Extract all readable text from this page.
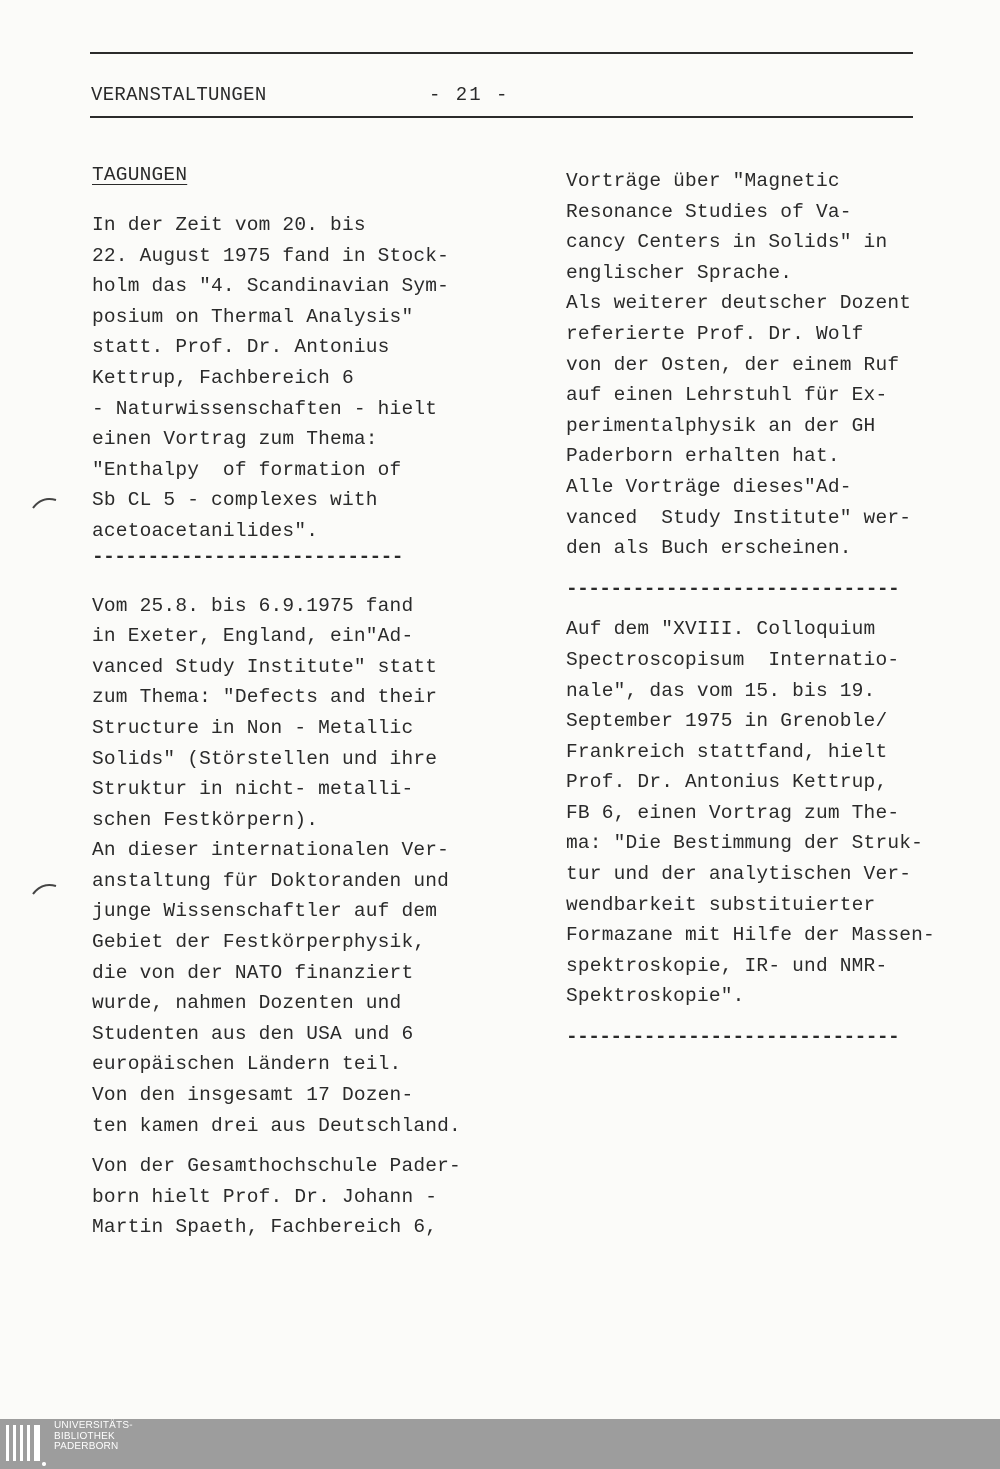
VERANSTALTUNGEN	- 21 -
TAGUNGEN
In der Zeit vom 20. bis
22. August 1975 fand in Stock-
holm das "4. Scandinavian Sym-
posium on Thermal Analysis"
statt. Prof. Dr. Antonius
Kettrup, Fachbereich 6
- Naturwissenschaften - hielt
einen Vortrag zum Thema:
"Enthalpy  of formation of
Sb CL 5 - complexes with
acetoacetanilides".
----------------------------
Vom 25.8. bis 6.9.1975 fand
in Exeter, England, ein"Ad-
vanced Study Institute" statt
zum Thema: "Defects and their
Structure in Non - Metallic
Solids" (Störstellen und ihre
Struktur in nicht- metalli-
schen Festkörpern).
An dieser internationalen Ver-
anstaltung für Doktoranden und
junge Wissenschaftler auf dem
Gebiet der Festkörperphysik,
die von der NATO finanziert
wurde, nahmen Dozenten und
Studenten aus den USA und 6
europäischen Ländern teil.
Von den insgesamt 17 Dozen-
ten kamen drei aus Deutschland.
Von der Gesamthochschule Pader-
born hielt Prof. Dr. Johann -
Martin Spaeth, Fachbereich 6,
Vorträge über "Magnetic
Resonance Studies of Va-
cancy Centers in Solids" in
englischer Sprache.
Als weiterer deutscher Dozent
referierte Prof. Dr. Wolf
von der Osten, der einem Ruf
auf einen Lehrstuhl für Ex-
perimentalphysik an der GH
Paderborn erhalten hat.
Alle Vorträge dieses"Ad-
vanced  Study Institute" wer-
den als Buch erscheinen.
------------------------------
Auf dem "XVIII. Colloquium
Spectroscopisum  Internatio-
nale", das vom 15. bis 19.
September 1975 in Grenoble/
Frankreich stattfand, hielt
Prof. Dr. Antonius Kettrup,
FB 6, einen Vortrag zum The-
ma: "Die Bestimmung der Struk-
tur und der analytischen Ver-
wendbarkeit substituierter
Formazane mit Hilfe der Massen-
spektroskopie, IR- und NMR-
Spektroskopie".
------------------------------
UNIVERSITÄTS-
BIBLIOTHEK
PADERBORN
